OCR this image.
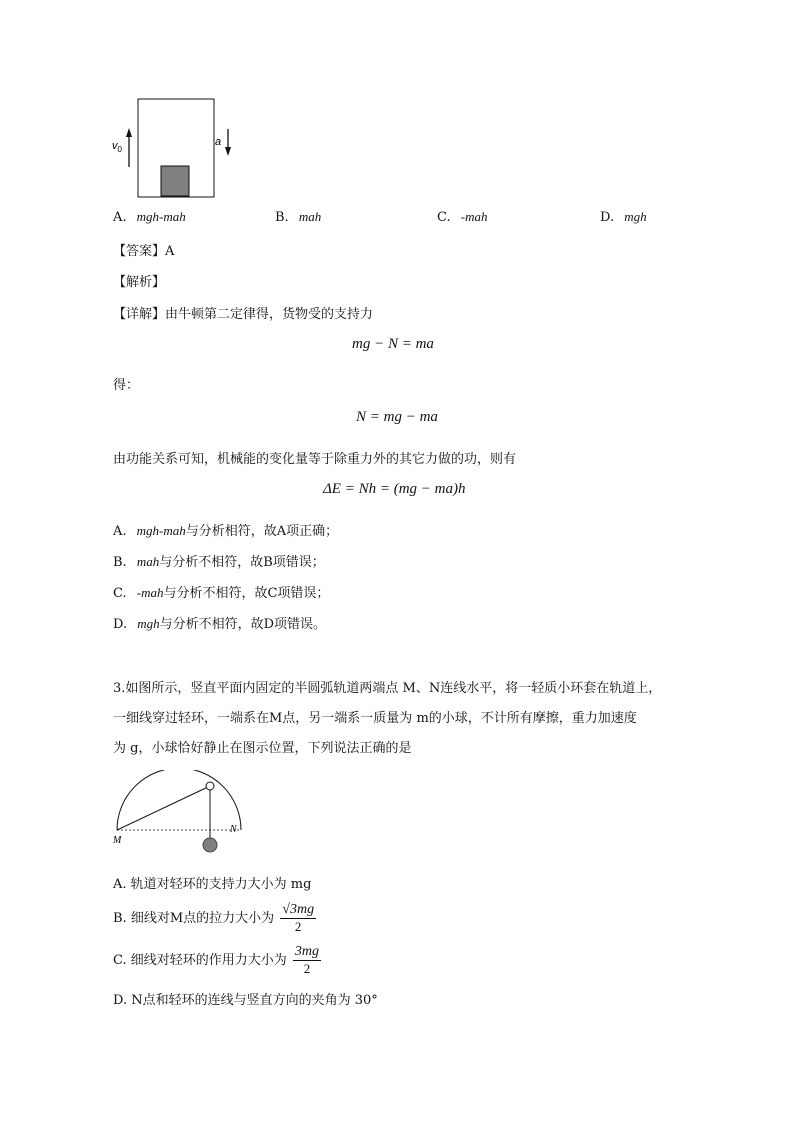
$v_0$
a
A. mgh-mah	B. mah	C. -mah	D. mgh
【答案】A
【解析】
【详解】由牛顿第二定律得，货物受的支持力
mg − N = ma
得：
N = mg − ma
由功能关系可知，机械能的变化量等于除重力外的其它力做的功，则有
ΔE = Nh = (mg − ma)h
A. mgh-mah与分析相符，故A项正确；
B. mah与分析不相符，故B项错误；
C. -mah与分析不相符，故C项错误；
D. mgh与分析不相符，故D项错误。
3.如图所示，竖直平面内固定的半圆弧轨道两端点 M、N连线水平，将一轻质小环套在轨道上，
一细线穿过轻环，一端系在M点，另一端系一质量为 m的小球，不计所有摩擦，重力加速度
为 g，小球恰好静止在图示位置，下列说法正确的是
M
N
A. 轨道对轻环的支持力大小为 mg
B. 细线对M点的拉力大小为 $\frac{√3mg}{2}$
C. 细线对轻环的作用力大小为 $\frac{3mg}{2}$
D. N点和轻环的连线与竖直方向的夹角为 30°
